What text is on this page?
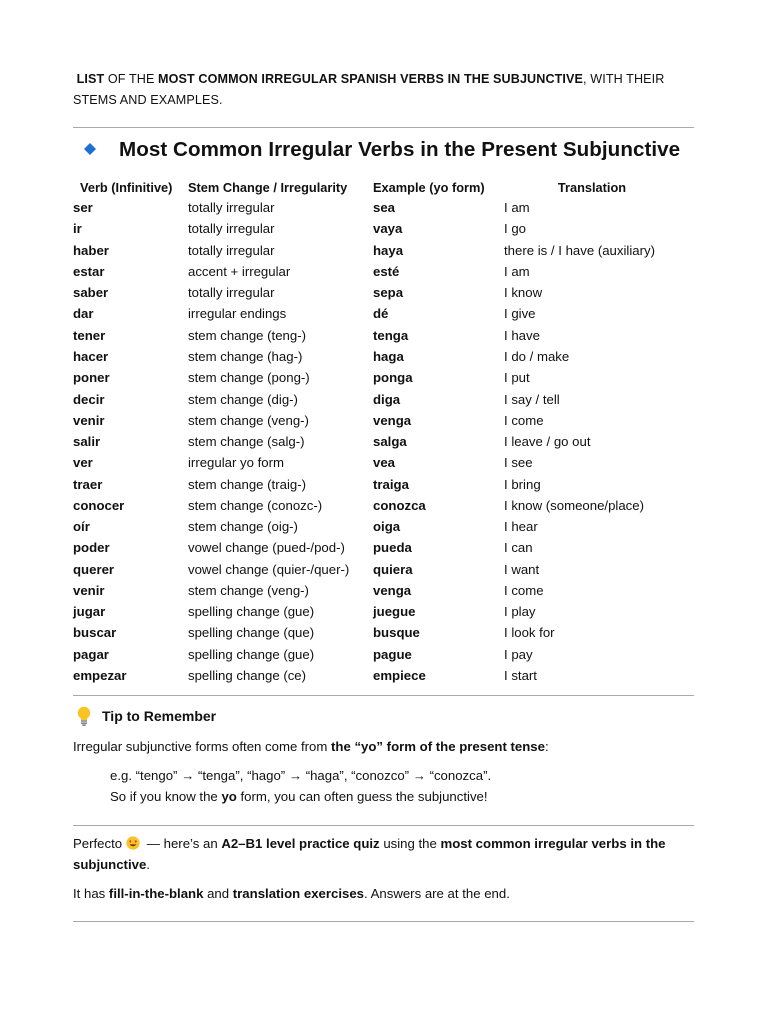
LIST OF THE MOST COMMON IRREGULAR SPANISH VERBS IN THE SUBJUNCTIVE, WITH THEIR STEMS AND EXAMPLES.
Most Common Irregular Verbs in the Present Subjunctive
Verb (Infinitive)	Stem Change / Irregularity	Example (yo form)	Translation
ser	totally irregular	sea	I am
ir	totally irregular	vaya	I go
haber	totally irregular	haya	there is / I have (auxiliary)
estar	accent + irregular	esté	I am
saber	totally irregular	sepa	I know
dar	irregular endings	dé	I give
tener	stem change (teng-)	tenga	I have
hacer	stem change (hag-)	haga	I do / make
poner	stem change (pong-)	ponga	I put
decir	stem change (dig-)	diga	I say / tell
venir	stem change (veng-)	venga	I come
salir	stem change (salg-)	salga	I leave / go out
ver	irregular yo form	vea	I see
traer	stem change (traig-)	traiga	I bring
conocer	stem change (conozc-)	conozca	I know (someone/place)
oír	stem change (oig-)	oiga	I hear
poder	vowel change (pued-/pod-)	pueda	I can
querer	vowel change (quier-/quer-)	quiera	I want
venir	stem change (veng-)	venga	I come
jugar	spelling change (gue)	juegue	I play
buscar	spelling change (que)	busque	I look for
pagar	spelling change (gue)	pague	I pay
empezar	spelling change (ce)	empiece	I start
Tip to Remember
Irregular subjunctive forms often come from the “yo” form of the present tense:
e.g. “tengo” → “tenga”, “hago” → “haga”, “conozco” → “conozca”.
So if you know the yo form, you can often guess the subjunctive!
Perfecto — here’s an A2–B1 level practice quiz using the most common irregular verbs in the subjunctive.
It has fill-in-the-blank and translation exercises. Answers are at the end.
